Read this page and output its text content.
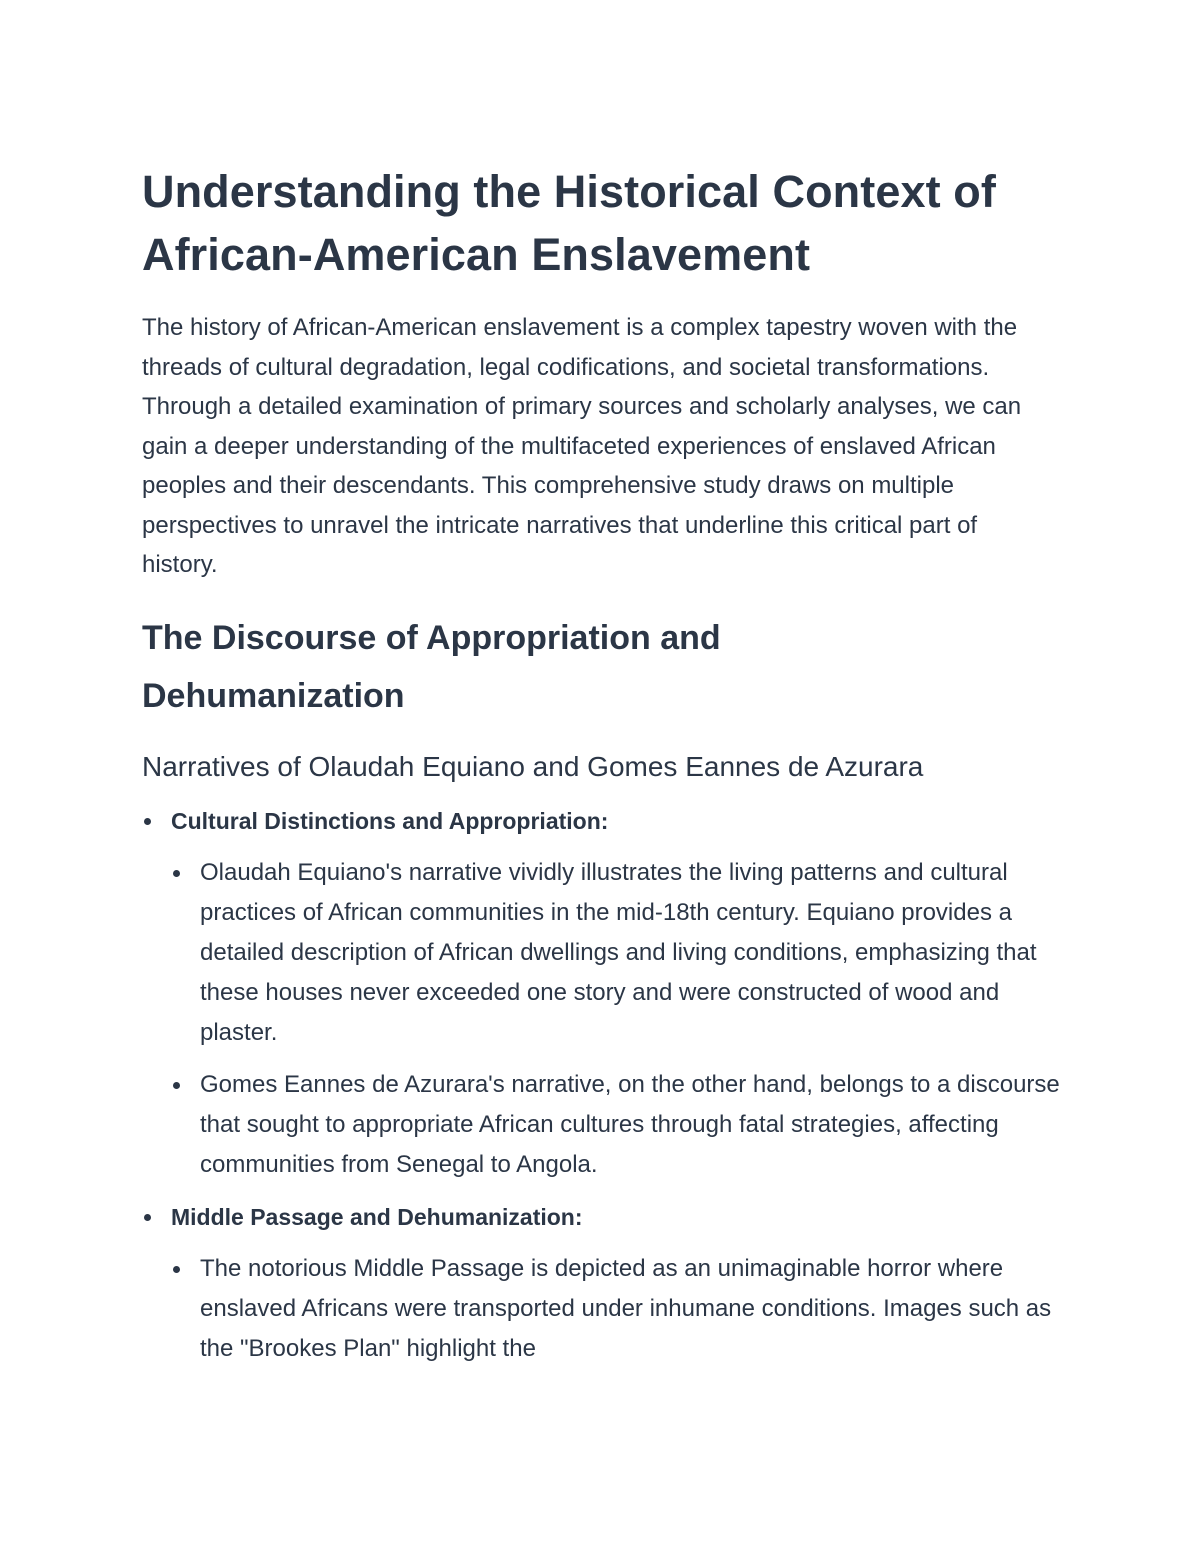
Understanding the Historical Context of African-American Enslavement

The history of African-American enslavement is a complex tapestry woven with the threads of cultural degradation, legal codifications, and societal transformations. Through a detailed examination of primary sources and scholarly analyses, we can gain a deeper understanding of the multifaceted experiences of enslaved African peoples and their descendants. This comprehensive study draws on multiple perspectives to unravel the intricate narratives that underline this critical part of history.

The Discourse of Appropriation and Dehumanization
Narratives of Olaudah Equiano and Gomes Eannes de Azurara
Cultural Distinctions and Appropriation:
Olaudah Equiano's narrative vividly illustrates the living patterns and cultural practices of African communities in the mid-18th century. Equiano provides a detailed description of African dwellings and living conditions, emphasizing that these houses never exceeded one story and were constructed of wood and plaster.
Gomes Eannes de Azurara's narrative, on the other hand, belongs to a discourse that sought to appropriate African cultures through fatal strategies, affecting communities from Senegal to Angola.
Middle Passage and Dehumanization:
The notorious Middle Passage is depicted as an unimaginable horror where enslaved Africans were transported under inhumane conditions. Images such as the "Brookes Plan" highlight the
